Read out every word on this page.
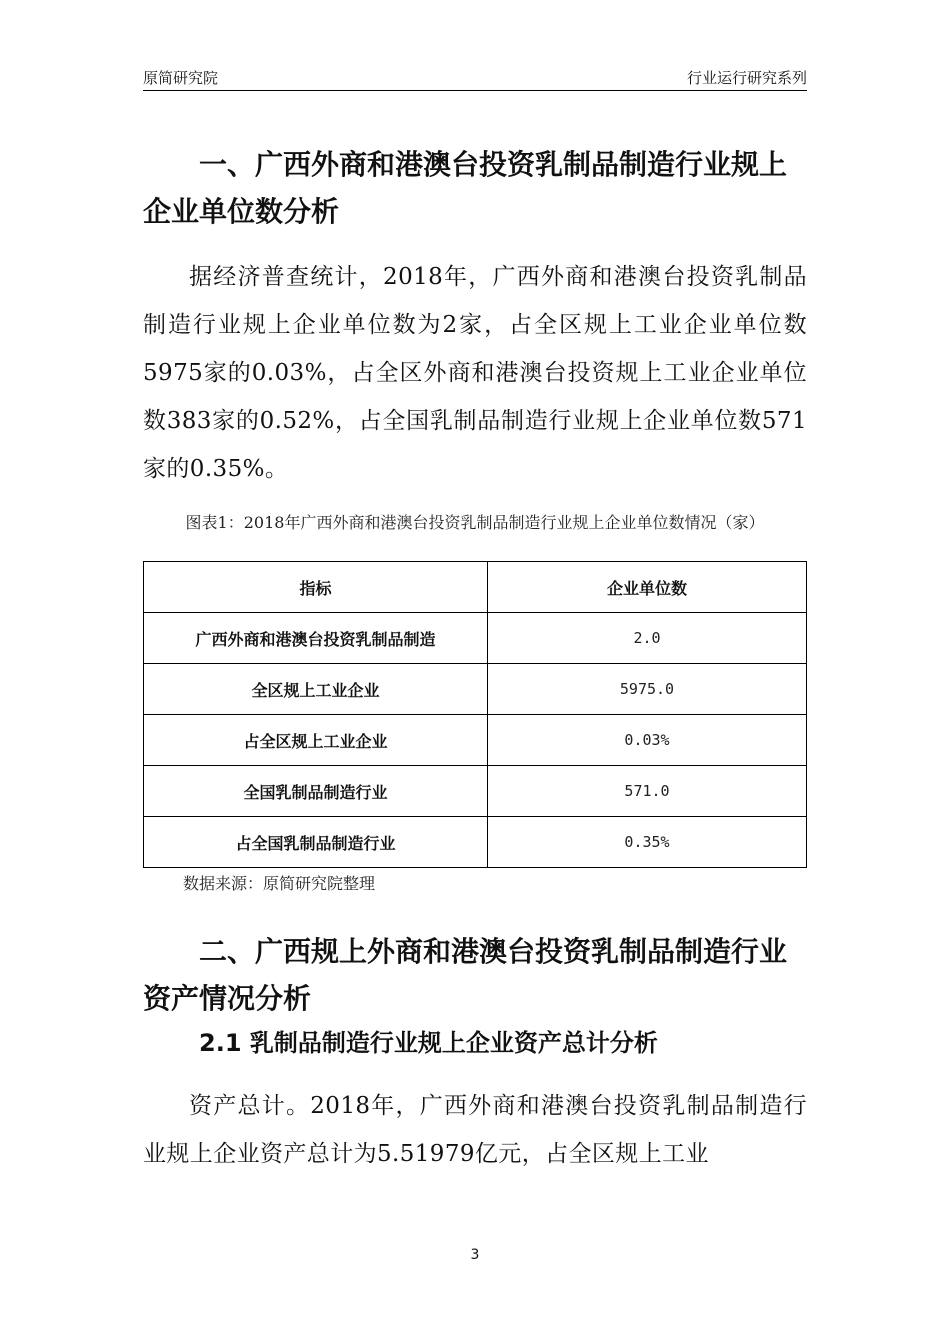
原简研究院	行业运行研究系列
一、广西外商和港澳台投资乳制品制造行业规上企业单位数分析
据经济普查统计，2018年，广西外商和港澳台投资乳制品制造行业规上企业单位数为2家，占全区规上工业企业单位数5975家的0.03%，占全区外商和港澳台投资规上工业企业单位数383家的0.52%，占全国乳制品制造行业规上企业单位数571家的0.35%。
图表1：2018年广西外商和港澳台投资乳制品制造行业规上企业单位数情况（家）
指标	企业单位数
广西外商和港澳台投资乳制品制造	2.0
全区规上工业企业	5975.0
占全区规上工业企业	0.03%
全国乳制品制造行业	571.0
占全国乳制品制造行业	0.35%
数据来源：原简研究院整理
二、广西规上外商和港澳台投资乳制品制造行业资产情况分析
2.1 乳制品制造行业规上企业资产总计分析
资产总计。2018年，广西外商和港澳台投资乳制品制造行业规上企业资产总计为5.51979亿元，占全区规上工业
3
